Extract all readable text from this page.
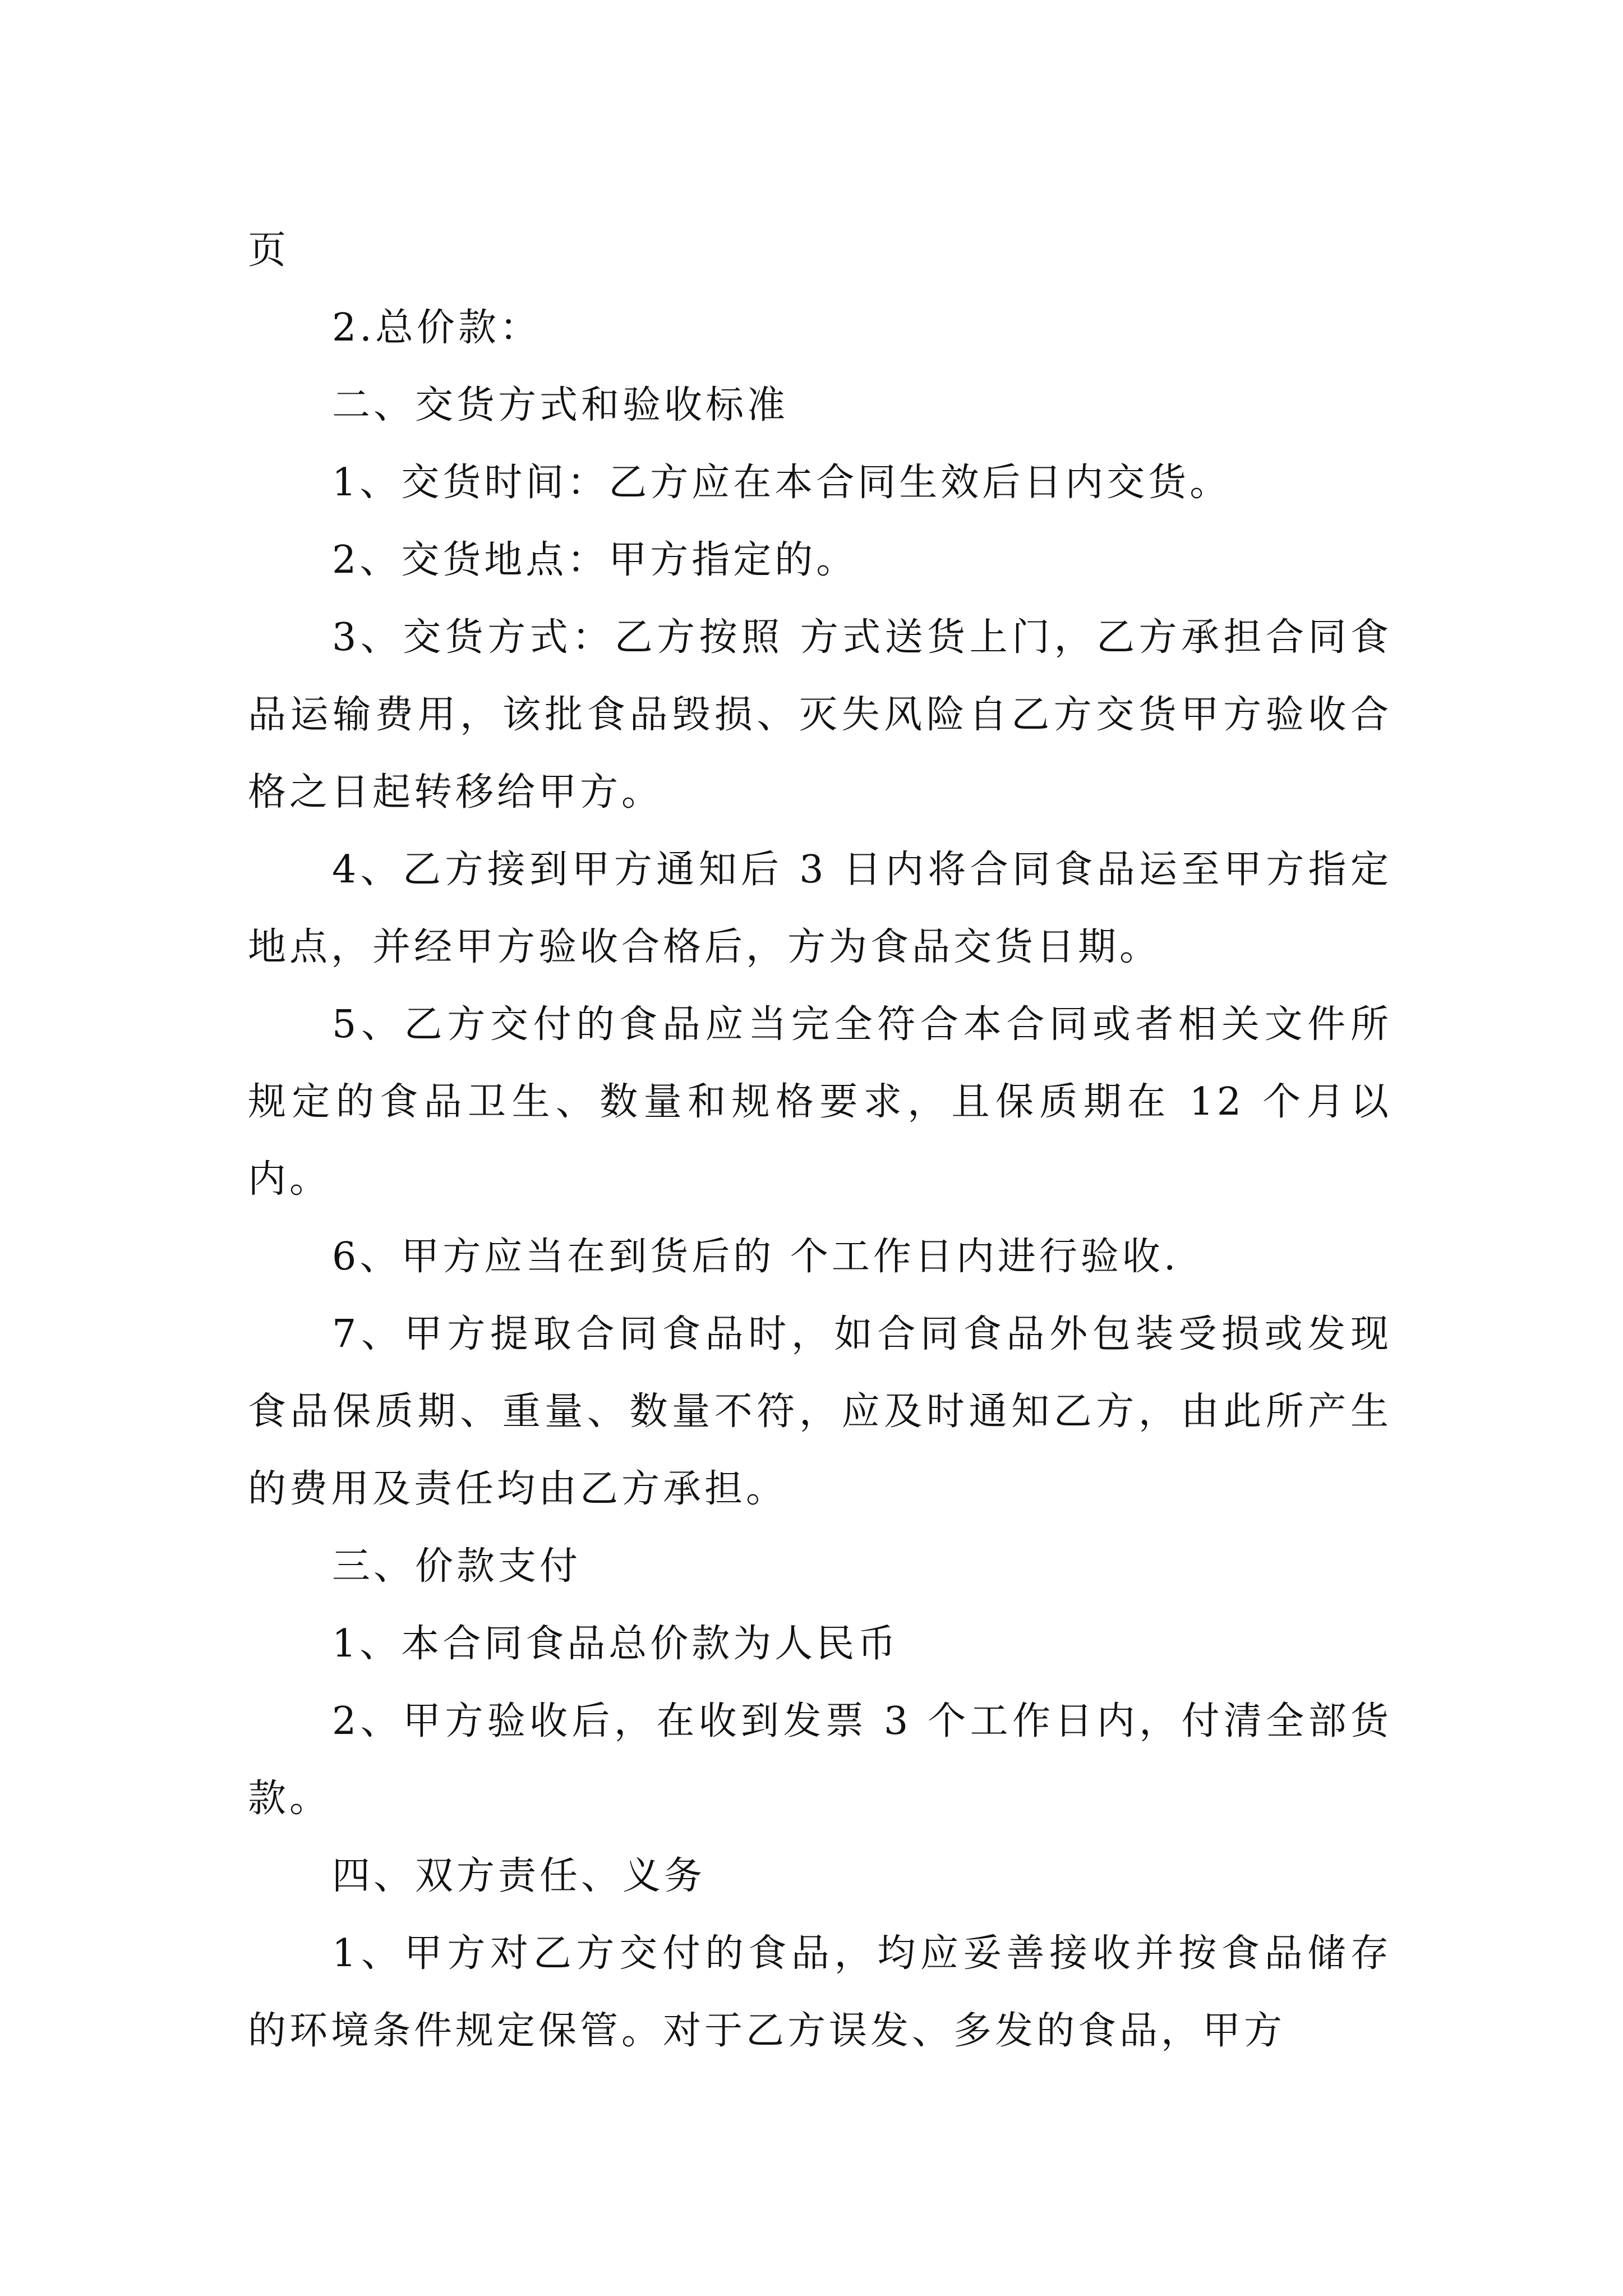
页

2.总价款：

二、交货方式和验收标准

1、交货时间：乙方应在本合同生效后日内交货。

2、交货地点：甲方指定的。

3、交货方式：乙方按照 方式送货上门，乙方承担合同食品运输费用，该批食品毁损、灭失风险自乙方交货甲方验收合格之日起转移给甲方。

4、乙方接到甲方通知后 3 日内将合同食品运至甲方指定地点，并经甲方验收合格后，方为食品交货日期。

5、乙方交付的食品应当完全符合本合同或者相关文件所规定的食品卫生、数量和规格要求，且保质期在 12 个月以内。

6、甲方应当在到货后的 个工作日内进行验收.

7、甲方提取合同食品时，如合同食品外包装受损或发现食品保质期、重量、数量不符，应及时通知乙方，由此所产生的费用及责任均由乙方承担。

三、价款支付

1、本合同食品总价款为人民币

2、甲方验收后，在收到发票 3 个工作日内，付清全部货款。

四、双方责任、义务

1、甲方对乙方交付的食品，均应妥善接收并按食品储存的环境条件规定保管。对于乙方误发、多发的食品，甲方
